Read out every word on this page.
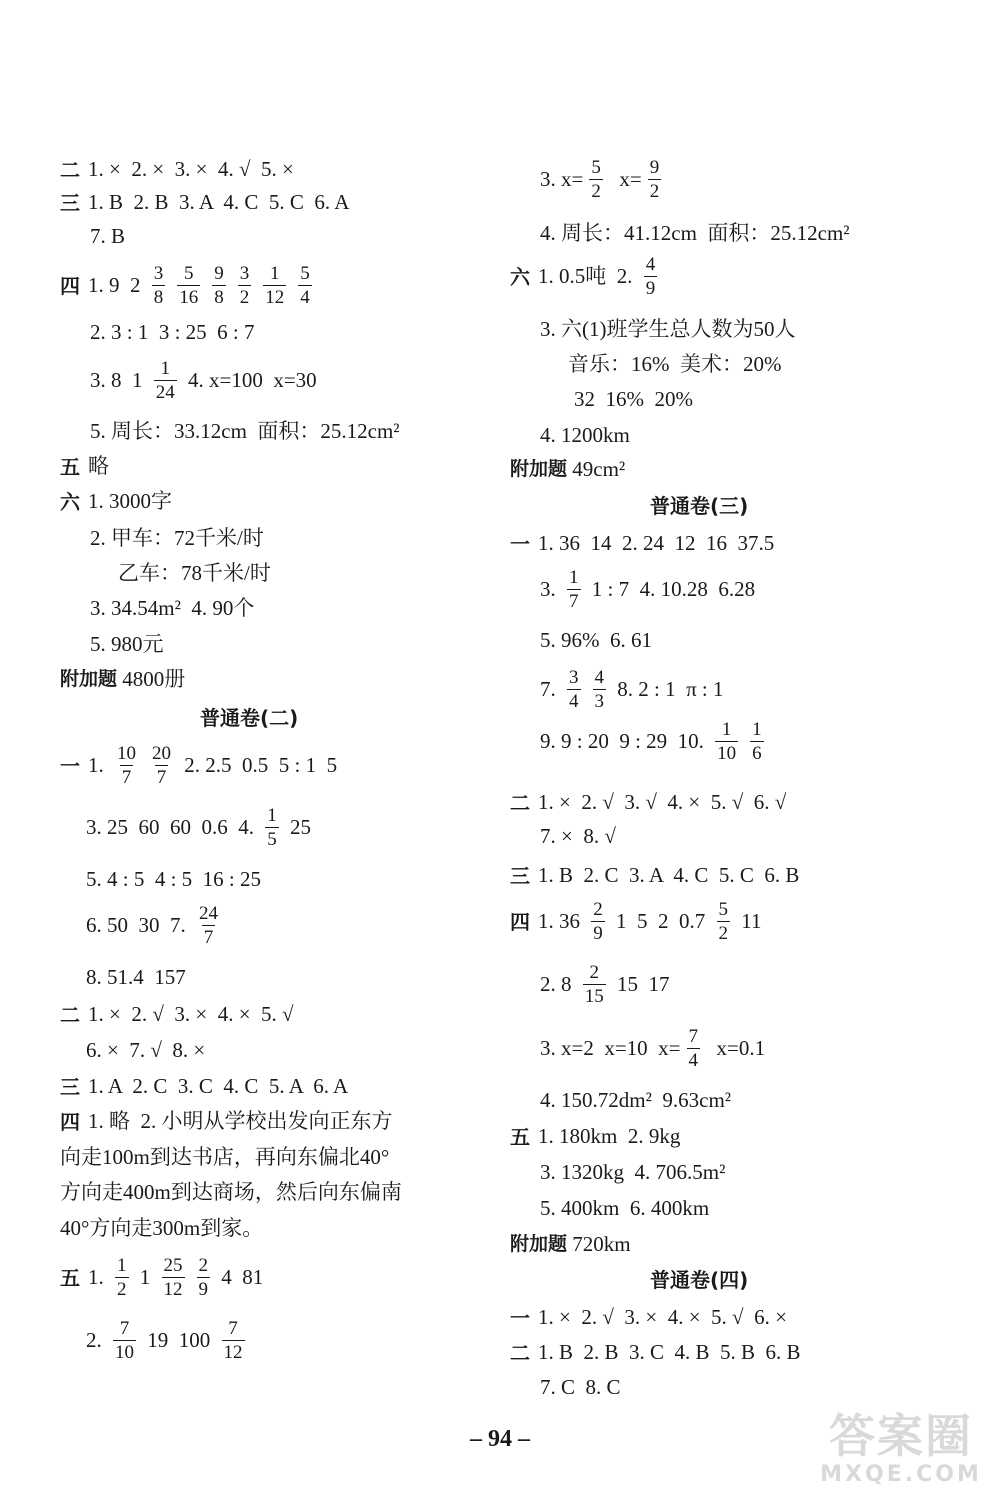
二 1. ×  2. ×  3. ×  4. √  5. ×
三 1. B  2. B  3. A  4. C  5. C  6. A
7. B
四 1. 9  $2 \frac{3}{8} \frac{5}{16} \frac{9}{8} \frac{3}{2} \frac{1}{12} \frac{5}{4}$
2. 3 : 1  3 : 25  6 : 7
3. 8  $1 \frac{1}{24} 4$. x=100  x=30
5. 周长：33.12cm  面积：25.12cm²
五 略
六 1. 3000字
2. 甲车：72千米/时
乙车：78千米/时
3. 34.54m²  4. 90个
5. 980元
附加题 4800册
普通卷(二)
一 1. $\frac{10}{7} \frac{20}{7} 2$. 2.5  0.5  5 : 1  5
3. 25  60  60  0.6  4. $\frac{1}{5} 25$
5. 4 : 5  4 : 5  16 : 25
6. 50  30  7. $\frac{24}{7}$
8. 51.4  157
二 1. ×  2. √  3. ×  4. ×  5. √
6. ×  7. √  8. ×
三 1. A  2. C  3. C  4. C  5. A  6. A
四 1. 略  2. 小明从学校出发向正东方
向走100m到达书店，再向东偏北40°
方向走400m到达商场，然后向东偏南
40°方向走300m到家。
五 1. $\frac{1}{2} 1 \frac{25}{12} \frac{2}{9} 4$  81
2. $\frac{7}{10} 19$  $100 \frac{7}{12}$
3. $x= \frac{5}{2} x= \frac{9}{2}$
4. 周长：41.12cm  面积：25.12cm²
六 1. 0.5吨  2. $\frac{4}{9}$
3. 六(1)班学生总人数为50人
音乐：16%  美术：20%
32  16%  20%
4. 1200km
附加题 49cm²
普通卷(三)
一 1. 36  14  2. 24  12  16  37.5
3. $\frac{1}{7} 1$ : 7  4. 10.28  6.28
5. 96%  6. 61
7. $\frac{3}{4} \frac{4}{3} 8$. 2 : 1  π : 1
9. 9 : 20  9 : 29  10. $\frac{1}{10} \frac{1}{6}$
二 1. ×  2. √  3. √  4. ×  5. √  6. √
7. ×  8. √
三 1. B  2. C  3. A  4. C  5. C  6. B
四 1. $36 \frac{2}{9} 1$  5  2  $0.7 \frac{5}{2} 11$
2. $8 \frac{2}{15} 15$  17
3. x=2  x=10  $x= \frac{7}{4} x=0.1$
4. 150.72dm²  9.63cm²
五 1. 180km  2. 9kg
3. 1320kg  4. 706.5m²
5. 400km  6. 400km
附加题 720km
普通卷(四)
一 1. ×  2. √  3. ×  4. ×  5. √  6. ×
二 1. B  2. B  3. C  4. B  5. B  6. B
7. C  8. C
– 94 –	答案圈
MXQE.COM
